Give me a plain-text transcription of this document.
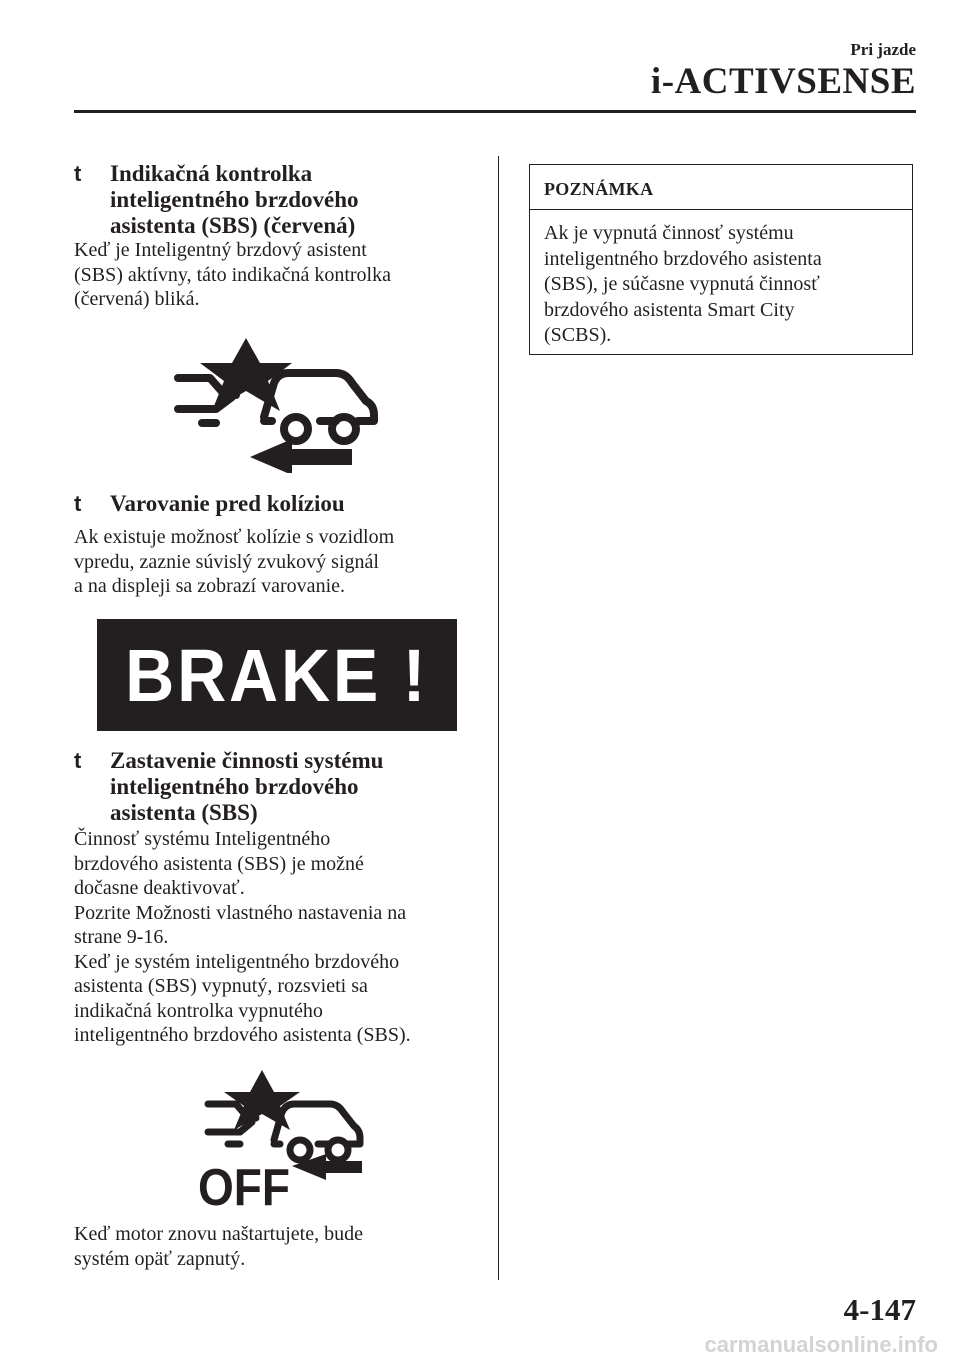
Pri jazde
i-ACTIVSENSE
t	Indikačná kontrolka
inteligentného brzdového
asistenta (SBS) (červená)
Keď je Inteligentný brzdový asistent
(SBS) aktívny, táto indikačná kontrolka
(červená) bliká.
t	Varovanie pred kolíziou
Ak existuje možnosť kolízie s vozidlom
vpredu, zaznie súvislý zvukový signál
a na displeji sa zobrazí varovanie.
BRAKE !
t	Zastavenie činnosti systému
inteligentného brzdového
asistenta (SBS)
Činnosť systému Inteligentného
brzdového asistenta (SBS) je možné
dočasne deaktivovať.
Pozrite Možnosti vlastného nastavenia na
strane 9-16.
Keď je systém inteligentného brzdového
asistenta (SBS) vypnutý, rozsvieti sa
indikačná kontrolka vypnutého
inteligentného brzdového asistenta (SBS).
OFF
Keď motor znovu naštartujete, bude
systém opäť zapnutý.
POZNÁMKA
Ak je vypnutá činnosť systému
inteligentného brzdového asistenta
(SBS), je súčasne vypnutá činnosť
brzdového asistenta Smart City
(SCBS).
4-147
carmanualsonline.info
